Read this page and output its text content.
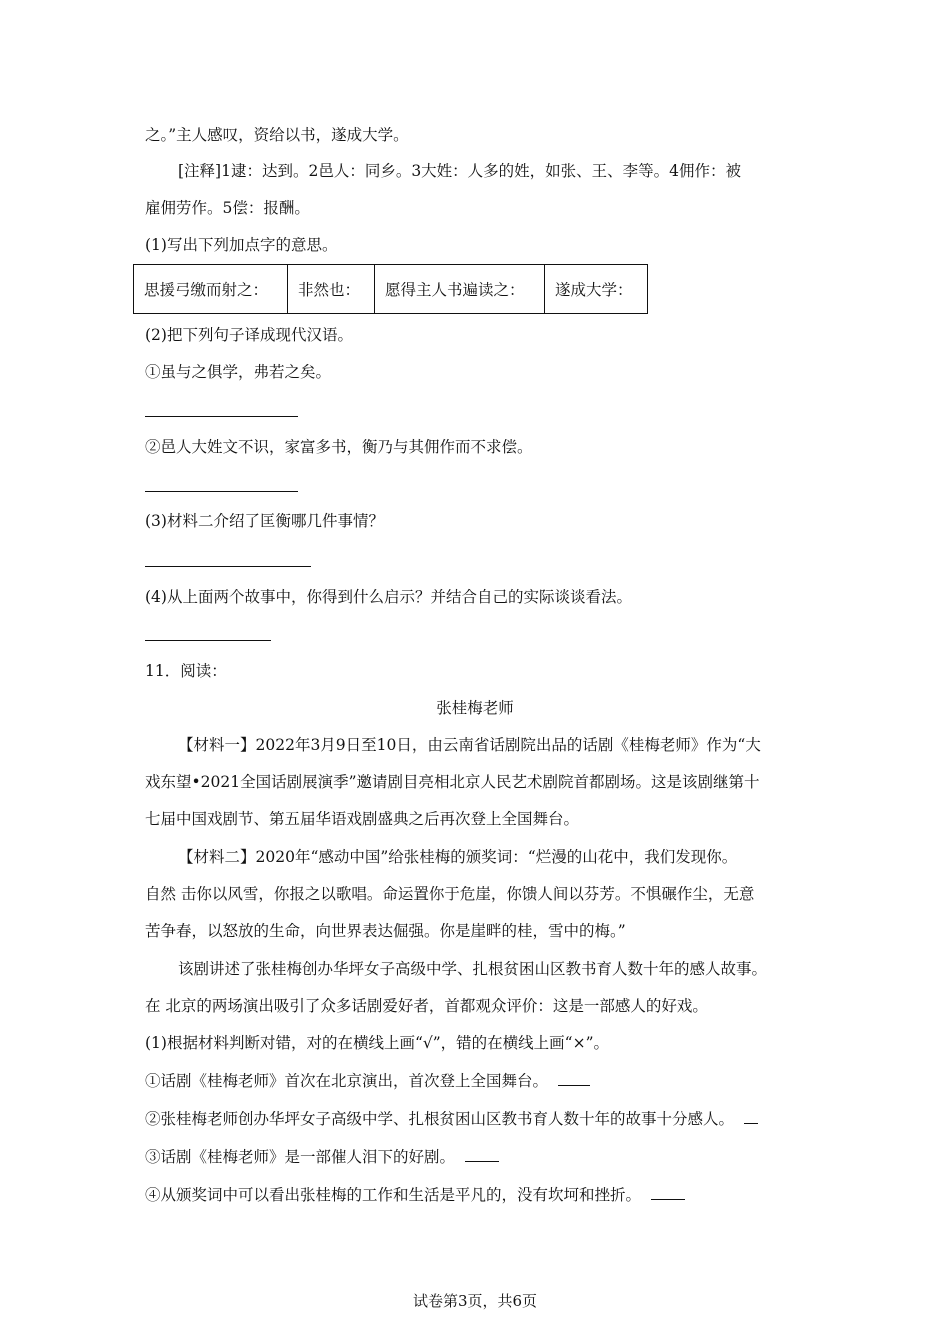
之。”主人感叹，资给以书，遂成大学。
[注释]1逮：达到。2邑人：同乡。3大姓：人多的姓，如张、王、李等。4佣作：被
雇佣劳作。5偿：报酬。
(1)写出下列加点字的意思。
思援弓缴而射之：	非然也：	愿得主人书遍读之：	遂成大学：
(2)把下列句子译成现代汉语。
①虽与之俱学，弗若之矣。
②邑人大姓文不识，家富多书，衡乃与其佣作而不求偿。
(3)材料二介绍了匡衡哪几件事情？
(4)从上面两个故事中，你得到什么启示？并结合自己的实际谈谈看法。
11．阅读：
张桂梅老师
【材料一】2022年3月9日至10日，由云南省话剧院出品的话剧《桂梅老师》作为“大
戏东望•2021全国话剧展演季”邀请剧目亮相北京人民艺术剧院首都剧场。这是该剧继第十
七届中国戏剧节、第五届华语戏剧盛典之后再次登上全国舞台。
【材料二】2020年“感动中国”给张桂梅的颁奖词：“烂漫的山花中，我们发现你。
自然 击你以风雪，你报之以歌唱。命运置你于危崖，你馈人间以芬芳。不惧碾作尘，无意
苦争春，以怒放的生命，向世界表达倔强。你是崖畔的桂，雪中的梅。”
该剧讲述了张桂梅创办华坪女子高级中学、扎根贫困山区教书育人数十年的感人故事。
在 北京的两场演出吸引了众多话剧爱好者，首都观众评价：这是一部感人的好戏。
(1)根据材料判断对错，对的在横线上画“√”，错的在横线上画“×”。
①话剧《桂梅老师》首次在北京演出，首次登上全国舞台。
②张桂梅老师创办华坪女子高级中学、扎根贫困山区教书育人数十年的故事十分感人。
③话剧《桂梅老师》是一部催人泪下的好剧。
④从颁奖词中可以看出张桂梅的工作和生活是平凡的，没有坎坷和挫折。
试卷第3页，共6页
